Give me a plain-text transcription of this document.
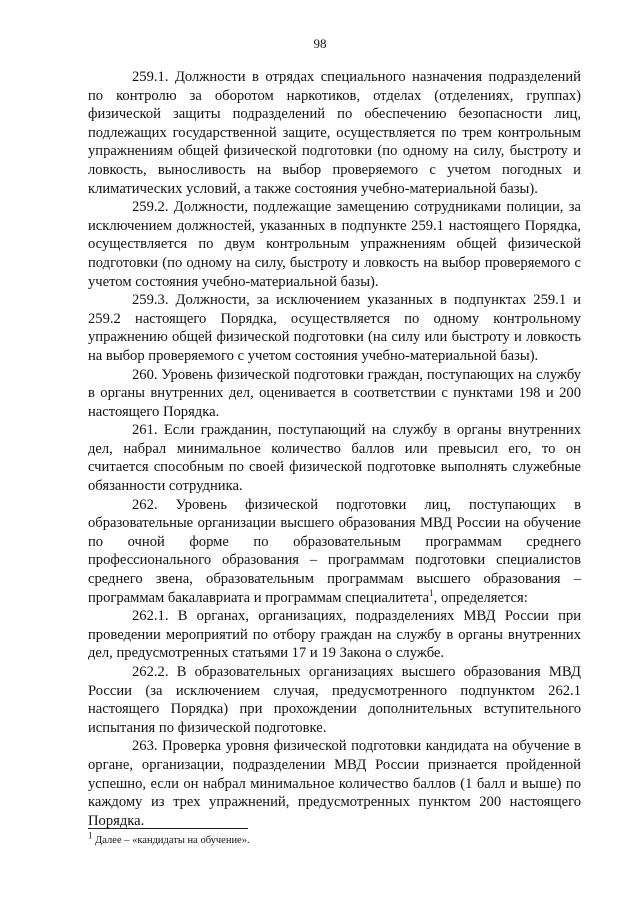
98

259.1. Должности в отрядах специального назначения подразделений по контролю за оборотом наркотиков, отделах (отделениях, группах) физической защиты подразделений по обеспечению безопасности лиц, подлежащих государственной защите, осуществляется по трем контрольным упражнениям общей физической подготовки (по одному на силу, быстроту и ловкость, выносливость на выбор проверяемого с учетом погодных и климатических условий, а также состояния учебно-материальной базы).

259.2. Должности, подлежащие замещению сотрудниками полиции, за исключением должностей, указанных в подпункте 259.1 настоящего Порядка, осуществляется по двум контрольным упражнениям общей физической подготовки (по одному на силу, быстроту и ловкость на выбор проверяемого с учетом состояния учебно-материальной базы).

259.3. Должности, за исключением указанных в подпунктах 259.1 и 259.2 настоящего Порядка, осуществляется по одному контрольному упражнению общей физической подготовки (на силу или быстроту и ловкость на выбор проверяемого с учетом состояния учебно-материальной базы).

260. Уровень физической подготовки граждан, поступающих на службу в органы внутренних дел, оценивается в соответствии с пунктами 198 и 200 настоящего Порядка.

261. Если гражданин, поступающий на службу в органы внутренних дел, набрал минимальное количество баллов или превысил его, то он считается способным по своей физической подготовке выполнять служебные обязанности сотрудника.

262. Уровень физической подготовки лиц, поступающих в образовательные организации высшего образования МВД России на обучение по очной форме по образовательным программам среднего профессионального образования – программам подготовки специалистов среднего звена, образовательным программам высшего образования – программам бакалавриата и программам специалитета$^1$, определяется:

262.1. В органах, организациях, подразделениях МВД России при проведении мероприятий по отбору граждан на службу в органы внутренних дел, предусмотренных статьями 17 и 19 Закона о службе.

262.2. В образовательных организациях высшего образования МВД России (за исключением случая, предусмотренного подпунктом 262.1 настоящего Порядка) при прохождении дополнительных вступительного испытания по физической подготовке.

263. Проверка уровня физической подготовки кандидата на обучение в органе, организации, подразделении МВД России признается пройденной успешно, если он набрал минимальное количество баллов (1 балл и выше) по каждому из трех упражнений, предусмотренных пунктом 200 настоящего Порядка.

$^1$ Далее – «кандидаты на обучение».
